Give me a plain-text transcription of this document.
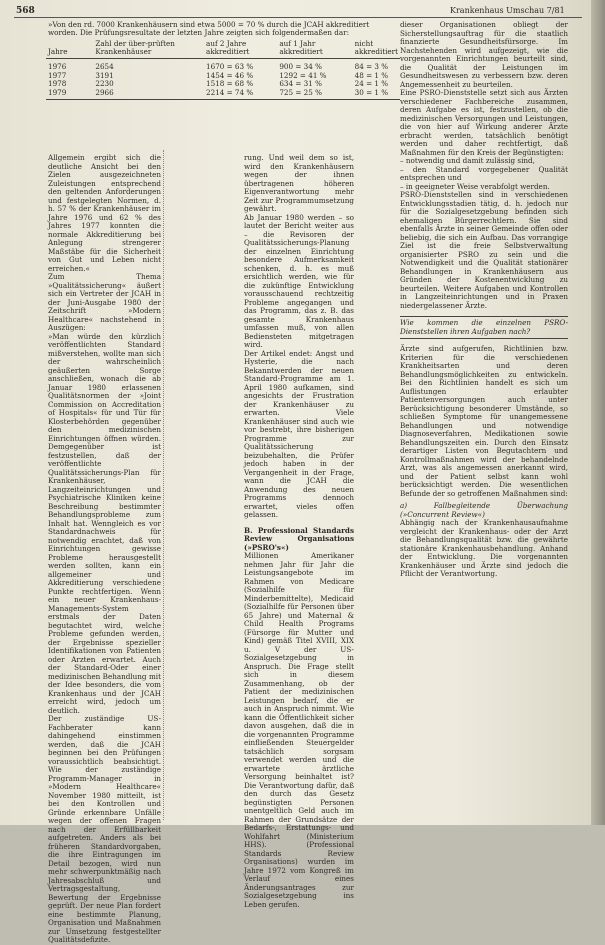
568	Krankenhaus Umschau 7/81
»Von den rd. 7000 Krankenhäusern sind etwa 5000 = 70 % durch die JCAH akkreditiert worden. Die Prüfungsresultate der letzten Jahre zeigten sich folgendermaßen dar:
Jahre	Zahl der über-prüften Krankenhäuser	auf 2 Jahre akkreditiert	auf 1 Jahr akkreditiert	nicht akkreditiert
1976	2654	1670 = 63 %	900 = 34 %	84 = 3 %
1977	3191	1454 = 46 %	1292 = 41 %	48 = 1 %
1978	2230	1518 = 68 %	634 = 31 %	24 = 1 %
1979	2966	2214 = 74 %	725 = 25 %	30 = 1 %

Allgemein ergibt sich die deutliche Ansicht bei den Zielen ausgezeichneten Zuleistungen entsprechend den geltenden Anforderungen und festgelegten Normen, d. h. 57 % der Krankenhäuser im Jahre 1976 und 62 % des Jahres 1977 konnten die normale Akkreditierung bei Anlegung strengerer Maßstäbe für die Sicherheit von Gut und Leben nicht erreichen.«

Zum Thema »Qualitätssicherung« äußert sich ein Vertreter der JCAH in der Juni-Ausgabe 1980 der Zeitschrift »Modern Healthcare« nachstehend in Auszügen:

»Man würde den kürzlich veröffentlichten Standard mißverstehen, wollte man sich der wahrscheinlich geäußerten Sorge anschließen, wonach die ab Januar 1980 erlassenen Qualitätsnormen der »Joint Commission on Accreditation of Hospitals« für und Tür für Klosterbehörden gegenüber den medizinischen Einrichtungen öffnen würden. Demgegenüber ist festzustellen, daß der veröffentlichte Qualitätssicherungs-Plan für Krankenhäuser, Langzeiteinrichtungen und Psychiatrische Kliniken keine Beschreibung bestimmter Behandlungsprobleme zum Inhalt hat. Wenngleich es vor Standardnachweis für notwendig erachtet, daß von Einrichtungen gewisse Probleme herausgestellt werden sollten, kann ein allgemeiner und Akkreditierung verschiedene Punkte rechtfertigen. Wenn ein neuer Krankenhaus-Managements-System erstmals der Daten begutachtet wird, welche Probleme gefunden werden, der Ergebnisse spezieller Identifikationen von Patienten oder Arzten erwartet. Auch der Standard-Oder einer medizinischen Behandlung mit der Idee besonders, die vom Krankenhaus und der JCAH erreicht wird, jedoch um deutlich.

Der zuständige US-Fachberater kann dahingehend einstimmen werden, daß die JCAH beginnen bei den Prüfungen voraussichtlich beabsichtigt. Wie der zuständige Programm-Manager in »Modern Healthcare« November 1980 mitteilt, ist bei den Kontrollen und Gründe erkennbare Unfälle wegen der offenen Fragen nach der Erfüllbarkeit aufgetreten. Anders als bei früheren Standardvorgaben, die ihre Eintragungen im Detail bezogen, wird nun mehr schwerpunktmäßig nach Jahresabschluß und Vertragsgestaltung, Bewertung der Ergebnisse geprüft. Der neue Plan fordert eine bestimmte Planung, Organisation und Maßnahmen zur Umsetzung festgestellter Qualitätsdefizite.

rung. Und weil dem so ist, wird den Krankenhäusern wegen der ihnen übertragenen höheren Eigenverantwortung mehr Zeit zur Programmumsetzung gewährt.

Ab Januar 1980 werden – so lautet der Bericht weiter aus – die Revisoren der Qualitätssicherungs-Planung der einzelnen Einrichtung besondere Aufmerksamkeit schenken, d. h. es muß ersichtlich werden, wie für die zukünftige Entwicklung vorausschauend rechtzeitig Probleme angegangen und das Programm, das z. B. das gesamte Krankenhaus umfassen muß, von allen Bediensteten mitgetragen wird.

Der Artikel endet: Angst und Hysterie, die nach Bekanntwerden der neuen Standard-Programme am 1. April 1980 aufkamen, sind angesichts der Frustration der Krankenhäuser zu erwarten. Viele Krankenhäuser sind auch wie vor bestrebt, ihre bisherigen Programme zur Qualitätssicherung beizubehalten, die Prüfer jedoch haben in der Vergangenheit in der Frage, wann die JCAH die Anwendung des neuen Programms dennoch erwartet, vieles offen gelassen.

B. Professional Standards Review Organisations (»PSRO's«)

Millionen Amerikaner nehmen Jahr für Jahr die Leistungsangebote im Rahmen von Medicare (Sozialhilfe für Minderbemittelte), Medicaid (Sozialhilfe für Personen über 65 Jahre) und Maternal & Child Health Programs (Fürsorge für Mutter und Kind) gemäß Titel XVIII, XIX u. V der US-Sozialgesetzgebung in Anspruch. Die Frage stellt sich in diesem Zusammenhang, ob der Patient der medizinischen Leistungen bedarf, die er auch in Anspruch nimmt. Wie kann die Öffentlichkeit sicher davon ausgehen, daß die in die vorgenannten Programme einfließenden Steuergelder tatsächlich sorgsam verwendet werden und die erwartete ärztliche Versorgung beinhaltet ist? Die Verantwortung dafür, daß den durch das Gesetz begünstigten Personen unentgeltlich Geld auch im Rahmen der Grundsätze der Bedarfs-, Erstattungs- und Wohlfahrt (Ministerium HHS). (Professional Standards Review Organisations) wurden im Jahre 1972 vom Kongreß im Verlauf eines Änderungsantrages zur Sozialgesetzgebung ins Leben gerufen.

dieser Organisationen obliegt der Sicherstellungsauftrag für die staatlich finanzierte Gesundheitsfürsorge. Im Nachstehenden wird aufgezeigt, wie die vorgenannten Einrichtungen beurteilt sind, die Qualität der Leistungen im Gesundheitswesen zu verbessern bzw. deren Angemessenheit zu beurteilen.

Eine PSRO-Dienststelle setzt sich aus Ärzten verschiedener Fachbereiche zusammen, deren Aufgabe es ist, festzustellen, ob die medizinischen Versorgungen und Leistungen, die von hier auf Wirkung anderer Ärzte erbracht werden, tatsächlich benötigt werden und daher rechtfertigt, daß Maßnahmen für den Kreis der Begünstigten:

– notwendig und damit zulässig sind,

– den Standard vorgegebener Qualität entsprechen und

– in geeigneter Weise verabfolgt werden.

PSRO-Dienststellen sind in verschiedenen Entwicklungsstadien tätig, d. h. jedoch nur für die Sozialgesetzgebung befinden sich ehemaligen Bürgerrechtlern. Sie sind ebenfalls Ärzte in seiner Gemeinde offen oder beliebig, die sich ein Aufbau. Das vorrangige Ziel ist die freie Selbstverwaltung organisierter PSRO zu sein und die Notwendigkeit und die Qualität stationärer Behandlungen in Krankenhäusern aus Gründen der Kostenentwicklung zu beurteilen. Weitere Aufgaben und Kontrollen in Langzeiteinrichtungen und in Praxen niedergelassener Ärzte.

Wie kommen die einzelnen PSRO-Dienststellen ihren Aufgaben nach?

Ärzte sind aufgerufen, Richtlinien bzw. Kriterien für die verschiedenen Krankheitsarten und deren Behandlungsmöglichkeiten zu entwickeln. Bei den Richtlinien handelt es sich um Auflistungen erlaubter Patientenversorgungen auch unter Berücksichtigung besonderer Umstände, so schließen Symptome für unangemessene Behandlungen und notwendige Diagnoseverfahren, Medikationen sowie Behandlungszeiten ein. Durch den Einsatz derartiger Listen von Begutachtern und Kontrollmaßnahmen wird der behandelnde Arzt, was als angemessen anerkannt wird, und der Patient selbst kann wohl berücksichtigt werden. Die wesentlichen Befunde der so getroffenen Maßnahmen sind:

a) Fallbegleitende Überwachung (»Concurrent Review«)

Abhängig nach der Krankenhausaufnahme vergleicht der Krankenhaus- oder der Arzt die Behandlungsqualität bzw. die gewährte stationäre Krankenhausbehandlung. Anhand der Entwicklung. Die vorgenannten Krankenhäuser und Ärzte sind jedoch die Pflicht der Verantwortung.
